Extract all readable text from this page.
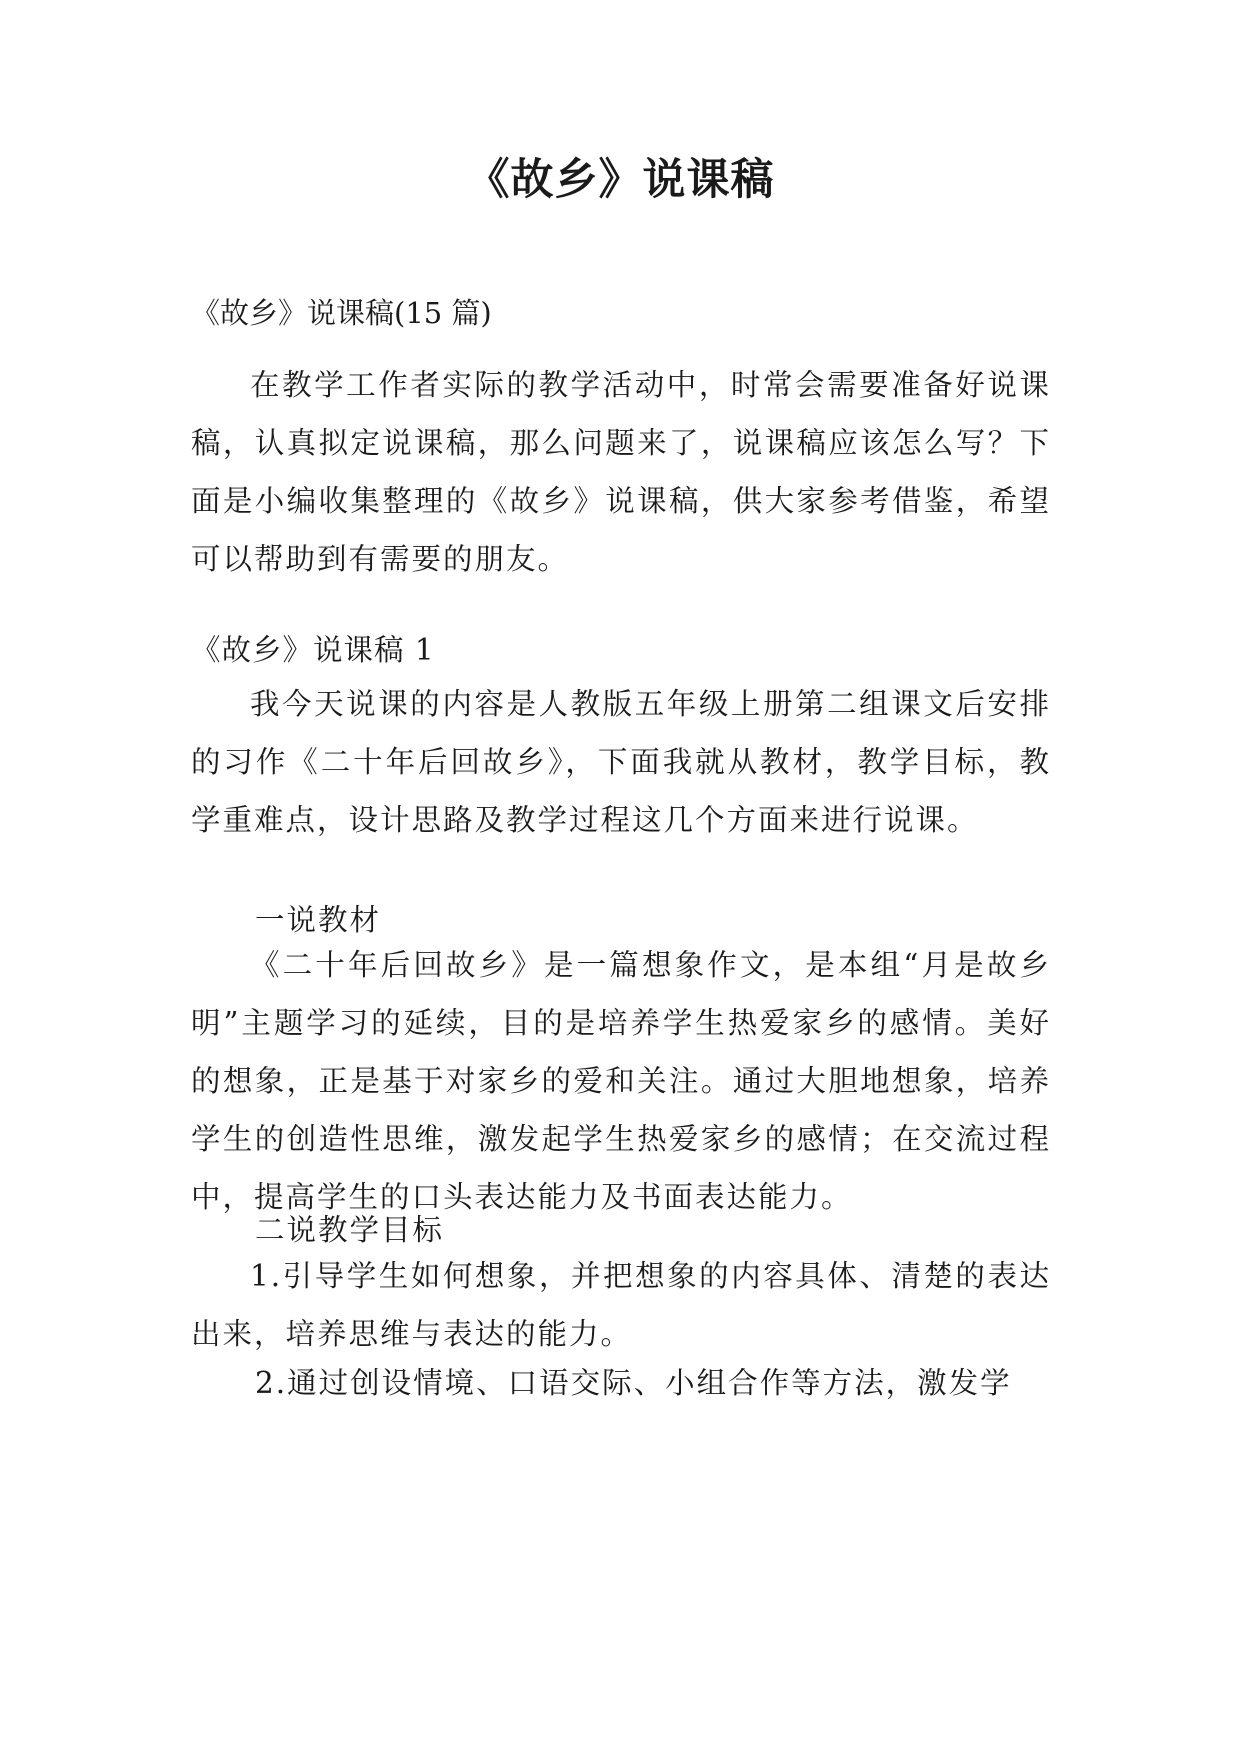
《故乡》说课稿

《故乡》说课稿(15 篇)

在教学工作者实际的教学活动中，时常会需要准备好说课稿，认真拟定说课稿，那么问题来了，说课稿应该怎么写？下面是小编收集整理的《故乡》说课稿，供大家参考借鉴，希望可以帮助到有需要的朋友。

《故乡》说课稿 1

我今天说课的内容是人教版五年级上册第二组课文后安排的习作《二十年后回故乡》，下面我就从教材，教学目标，教学重难点，设计思路及教学过程这几个方面来进行说课。

一说教材

《二十年后回故乡》是一篇想象作文，是本组“月是故乡明”主题学习的延续，目的是培养学生热爱家乡的感情。美好的想象，正是基于对家乡的爱和关注。通过大胆地想象，培养学生的创造性思维，激发起学生热爱家乡的感情；在交流过程中，提高学生的口头表达能力及书面表达能力。

二说教学目标

1.引导学生如何想象，并把想象的内容具体、清楚的表达出来，培养思维与表达的能力。

2.通过创设情境、口语交际、小组合作等方法，激发学
